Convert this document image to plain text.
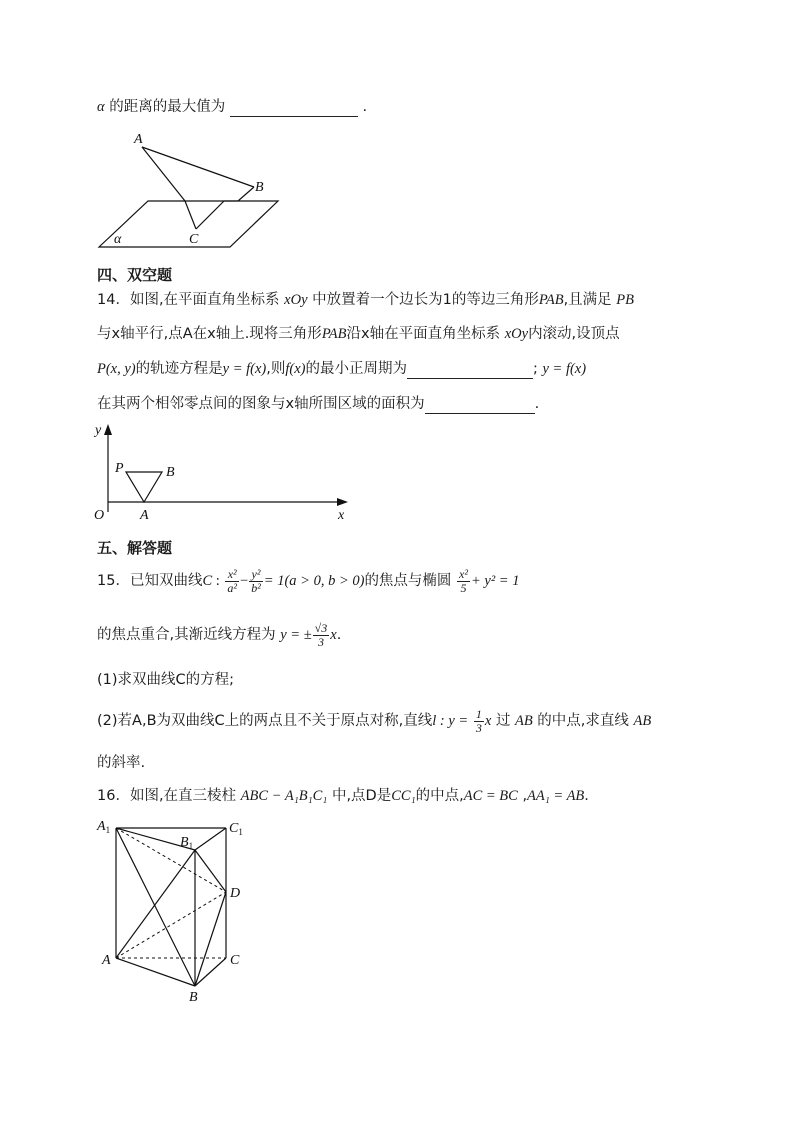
α 的距离的最大值为	.
A
B
C
α
四、双空题
14．如图,在平面直角坐标系 xOy 中放置着一个边长为1的等边三角形PAB,且满足 PB
与x轴平行,点A在x轴上.现将三角形PAB沿x轴在平面直角坐标系 xOy内滚动,设顶点
P(x, y)的轨迹方程是y = f(x),则f(x)的最小正周期为	; y = f(x)
在其两个相邻零点间的图象与x轴所围区域的面积为	.
y
x
O
P	B
A
五、解答题
15．已知双曲线C : $\frac{\text{x²}}{\text{a²}} - \frac{\text{y²}}{\text{b²}} = 1(a > 0$, b > 0)的焦点与椭圆 $\frac{\text{x²}}{5} + y^2 = 1$
的焦点重合,其渐近线方程为 y = ± $\frac{√3}{3} x$.
(1)求双曲线C的方程;
(2)若A,B为双曲线C上的两点且不关于原点对称,直线l : $y = \frac{1}{3}$ x 过 AB 的中点,求直线 AB
的斜率.
16．如图,在直三棱柱 ABC − A₁B₁C₁ 中,点D是CC₁的中点,AC = BC ,AA₁ = AB.
$A_1$	$C_1$
$B_1$
D
A	C
B
